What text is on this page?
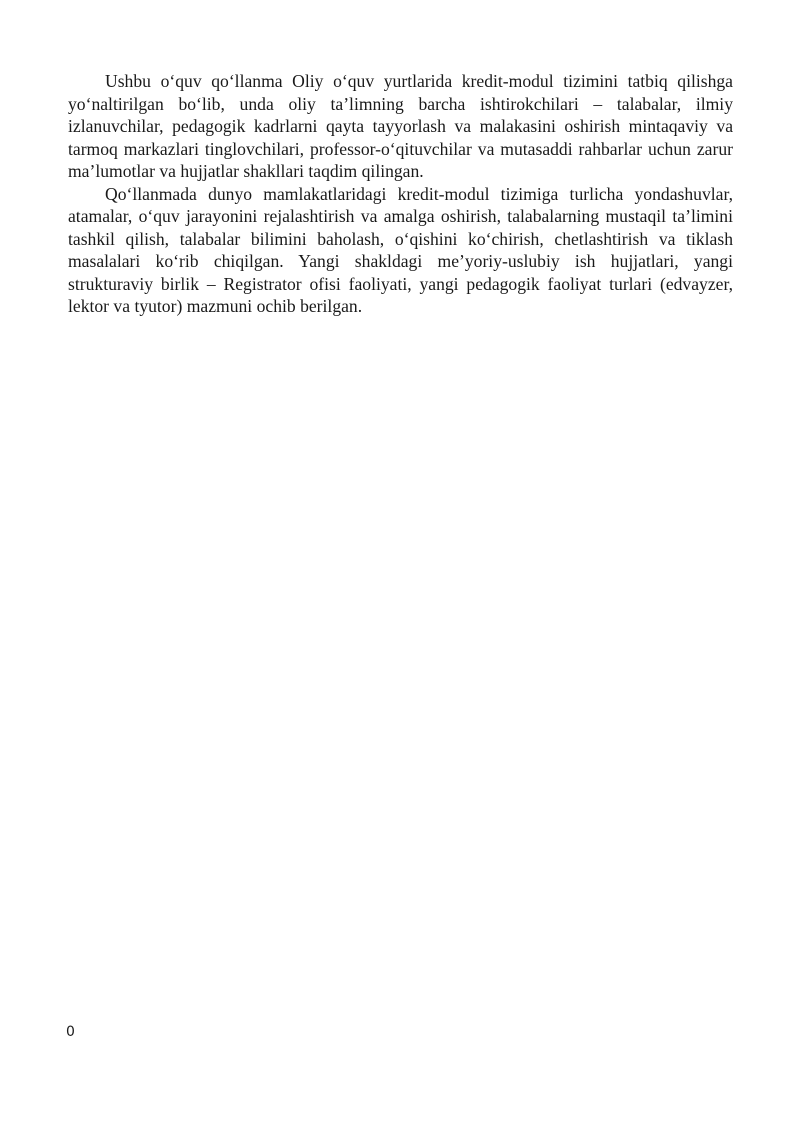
Ushbu o‘quv qo‘llanma Oliy o‘quv yurtlarida kredit-modul tizimini tatbiq qilishga yo‘naltirilgan bo‘lib, unda oliy ta’limning barcha ishtirokchilari – talabalar, ilmiy izlanuvchilar, pedagogik kadrlarni qayta tayyorlash va malakasini oshirish mintaqaviy va tarmoq markazlari tinglovchilari, professor-o‘qituvchilar va mutasaddi rahbarlar uchun zarur ma’lumotlar va hujjatlar shakllari taqdim qilingan.

Qo‘llanmada dunyo mamlakatlaridagi kredit-modul tizimiga turlicha yondashuvlar, atamalar, o‘quv jarayonini rejalashtirish va amalga oshirish, talabalarning mustaqil ta’limini tashkil qilish, talabalar bilimini baholash, o‘qishini ko‘chirish, chetlashtirish va tiklash masalalari ko‘rib chiqilgan. Yangi shakldagi me’yoriy-uslubiy ish hujjatlari, yangi strukturaviy birlik – Registrator ofisi faoliyati, yangi pedagogik faoliyat turlari (edvayzer, lektor va tyutor) mazmuni ochib berilgan.

0
